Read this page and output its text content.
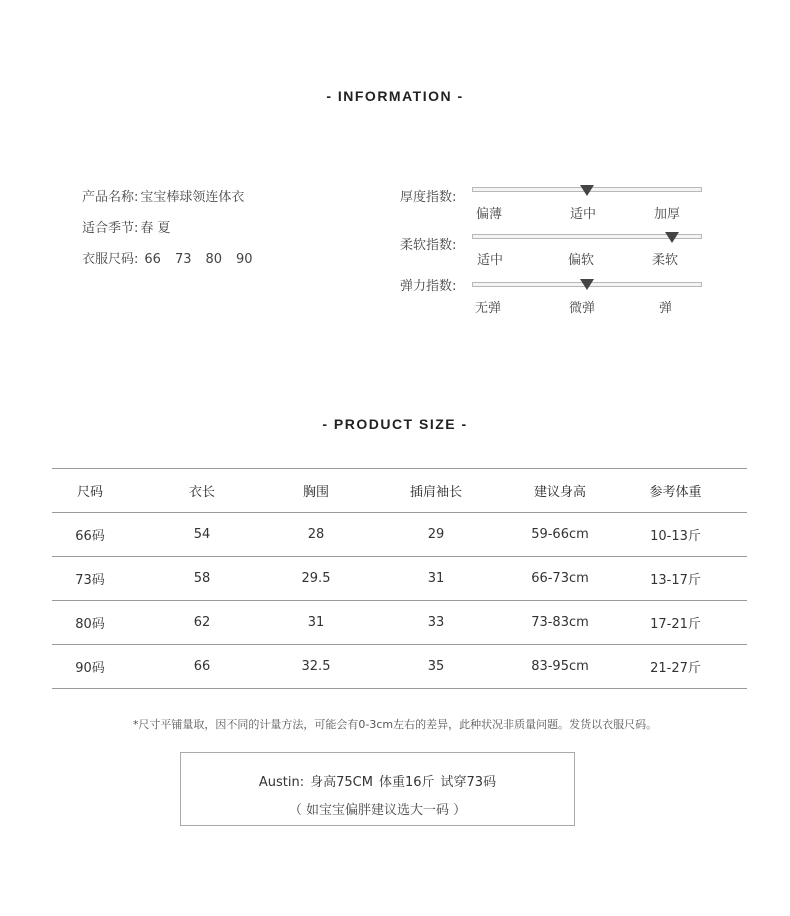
- INFORMATION -
产品名称: 宝宝棒球领连体衣
适合季节: 春 夏
衣服尺码: 66 73 80 90
厚度指数:
偏薄	适中	加厚
柔软指数:
适中	偏软	柔软
弹力指数:
无弹	微弹	弹
- PRODUCT SIZE -
尺码	衣长	胸围	插肩袖长	建议身高	参考体重
66码	54	28	29	59-66cm	10-13斤
73码	58	29.5	31	66-73cm	13-17斤
80码	62	31	33	73-83cm	17-21斤
90码	66	32.5	35	83-95cm	21-27斤
*尺寸平铺量取，因不同的计量方法，可能会有0-3cm左右的差异，此种状况非质量问题。发货以衣服尺码。
Austin: 身高75CM 体重16斤 试穿73码
（ 如宝宝偏胖建议选大一码 ）
